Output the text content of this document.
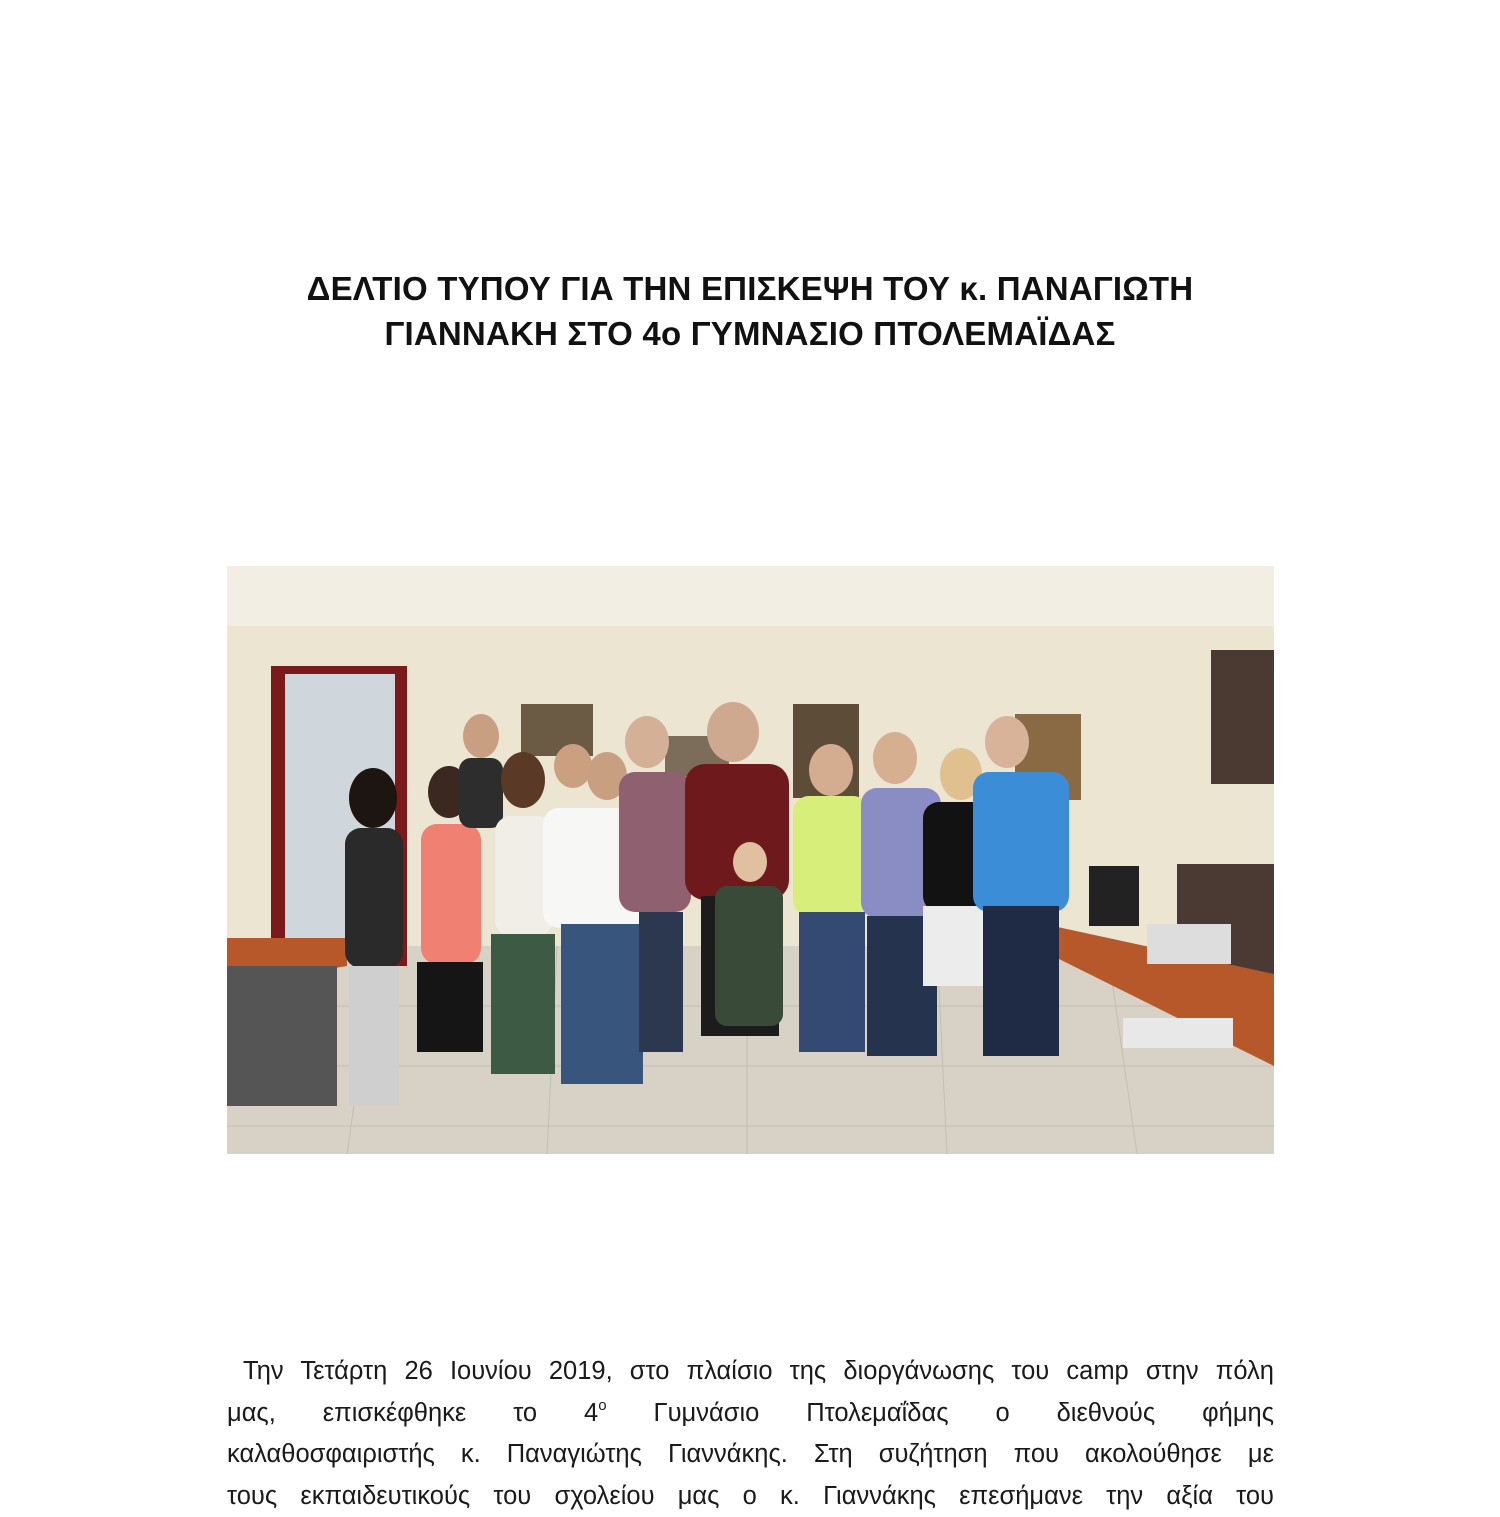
ΔΕΛΤΙΟ ΤΥΠΟΥ ΓΙΑ ΤΗΝ ΕΠΙΣΚΕΨΗ ΤΟΥ κ. ΠΑΝΑΓΙΩΤΗ
ΓΙΑΝΝΑΚΗ ΣΤΟ 4ο ΓΥΜΝΑΣΙΟ ΠΤΟΛΕΜΑΪΔΑΣ
Την Τετάρτη 26 Ιουνίου 2019, στο πλαίσιο της διοργάνωσης του camp στην πόλη
μας, επισκέφθηκε το $4^o$ Γυμνάσιο Πτολεμαΐδας ο διεθνούς φήμης
καλαθοσφαιριστής κ. Παναγιώτης Γιαννάκης. Στη συζήτηση που ακολούθησε με
τους εκπαιδευτικούς του σχολείου μας ο κ. Γιαννάκης επεσήμανε την αξία του
